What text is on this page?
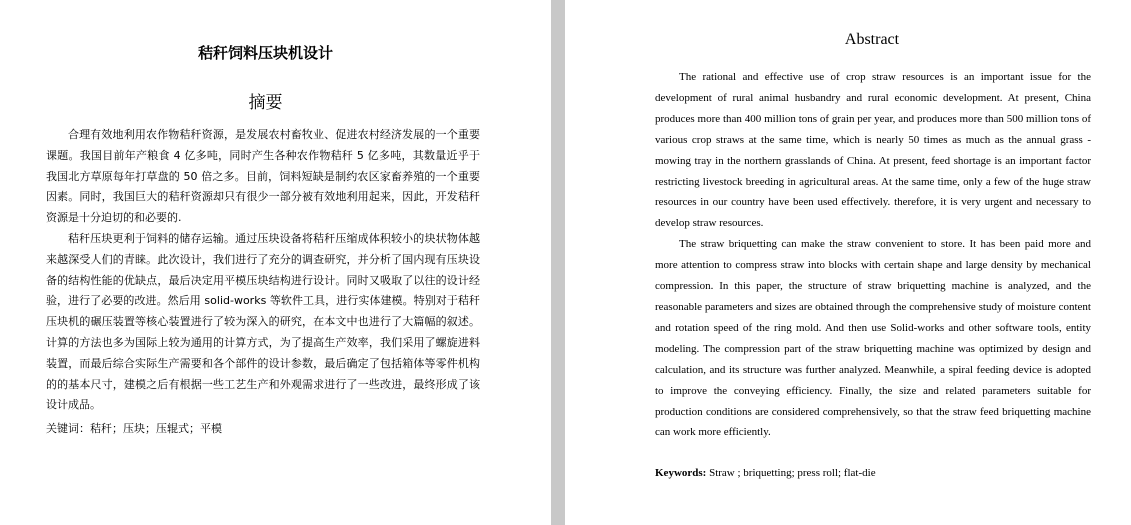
秸秆饲料压块机设计
摘要

合理有效地利用农作物秸秆资源，是发展农村畜牧业、促进农村经济发展的一个重要课题。我国目前年产粮食 4 亿多吨，同时产生各种农作物秸秆 5 亿多吨，其数量近乎于我国北方草原每年打草盘的 50 倍之多。目前，饲料短缺是制约农区家畜养殖的一个重要因素。同时，我国巨大的秸秆资源却只有很少一部分被有效地利用起来，因此，开发秸秆资源是十分迫切的和必要的.

秸秆压块更利于饲料的储存运输。通过压块设备将秸秆压缩成体积较小的块状物体越来越深受人们的青睐。此次设计，我们进行了充分的调查研究，并分析了国内现有压块设备的结构性能的优缺点，最后决定用平模压块结构进行设计。同时又吸取了以往的设计经验，进行了必要的改进。然后用 solid-works 等软件工具，进行实体建模。特别对于秸秆压块机的碾压装置等核心装置进行了较为深入的研究，在本文中也进行了大篇幅的叙述。计算的方法也多为国际上较为通用的计算方式，为了提高生产效率，我们采用了螺旋进料装置，而最后综合实际生产需要和各个部件的设计参数，最后确定了包括箱体等零件机构的的基本尺寸，建模之后有根据一些工艺生产和外观需求进行了一些改进，最终形成了该设计成品。

关键词：秸秆；压块；压辊式；平模
Abstract

The rational and effective use of crop straw resources is an important issue for the development of rural animal husbandry and rural economic development. At present, China produces more than 400 million tons of grain per year, and produces more than 500 million tons of various crop straws at the same time, which is nearly 50 times as much as the annual grass - mowing tray in the northern grasslands of China. At present, feed shortage is an important factor restricting livestock breeding in agricultural areas. At the same time, only a few of the huge straw resources in our country have been used effectively. therefore, it is very urgent and necessary to develop straw resources.

The straw briquetting can make the straw convenient to store. It has been paid more and more attention to compress straw into blocks with certain shape and large density by mechanical compression. In this paper, the structure of straw briquetting machine is analyzed, and the reasonable parameters and sizes are obtained through the comprehensive study of moisture content and rotation speed of the ring mold. And then use Solid-works and other software tools, entity modeling. The compression part of the straw briquetting machine was optimized by design and calculation, and its structure was further analyzed. Meanwhile, a spiral feeding device is adopted to improve the conveying efficiency. Finally, the size and related parameters suitable for production conditions are considered comprehensively, so that the straw feed briquetting machine can work more efficiently.

Keywords: Straw ; briquetting; press roll; flat-die
